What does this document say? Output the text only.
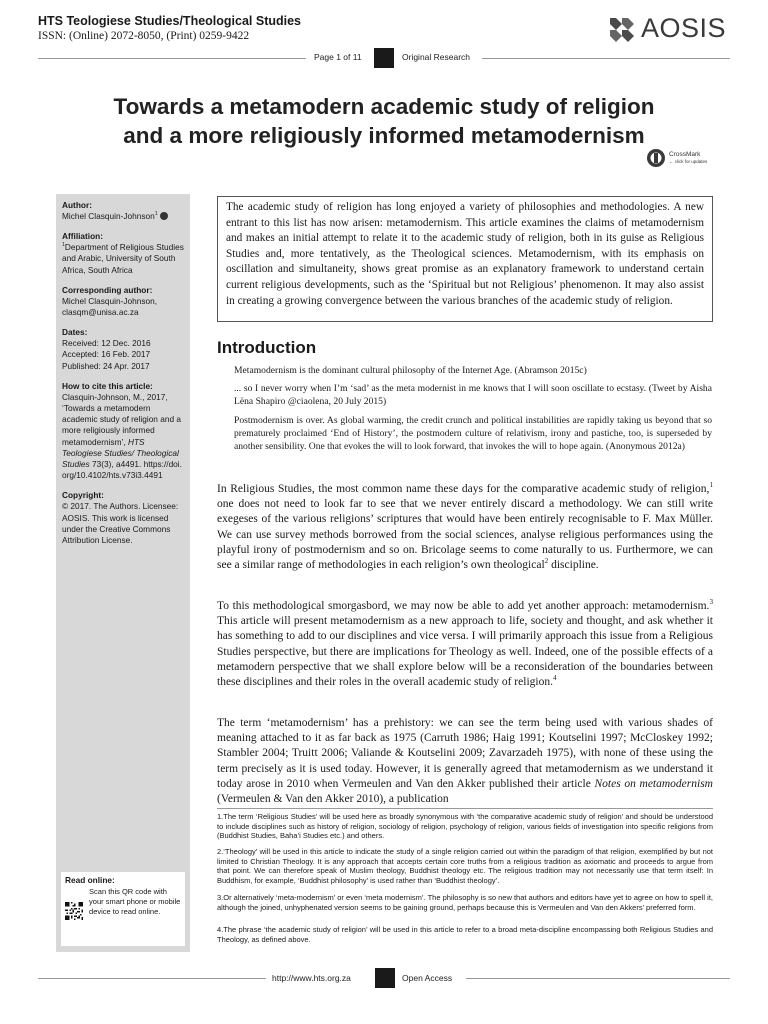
HTS Teologiese Studies/Theological Studies
ISSN: (Online) 2072-8050, (Print) 0259-9422	AOSIS
Page 1 of 11	Original Research
Towards a metamodern academic study of religion
and a more religiously informed metamodernism
CrossMark
← click for updates
Author:
Michel Clasquin-Johnson$^1$
Affiliation:
$^1$Department of Religious Studies and Arabic, University of South Africa, South Africa
Corresponding author:
Michel Clasquin-Johnson,
clasqm@unisa.ac.za
Dates:
Received: 12 Dec. 2016
Accepted: 16 Feb. 2017
Published: 24 Apr. 2017
How to cite this article:
Clasquin-Johnson, M., 2017, ‘Towards a metamodern academic study of religion and a more religiously informed metamodernism’, HTS Teologiese Studies/ Theological Studies 73(3), a4491. https://doi. org/10.4102/hts.v73i3.4491
Copyright:
© 2017. The Authors. Licensee: AOSIS. This work is licensed under the Creative Commons Attribution License.
Read online:
Scan this QR code with your smart phone or mobile device to read online.
The academic study of religion has long enjoyed a variety of philosophies and methodologies. A new entrant to this list has now arisen: metamodernism. This article examines the claims of metamodernism and makes an initial attempt to relate it to the academic study of religion, both in its guise as Religious Studies and, more tentatively, as the Theological sciences. Metamodernism, with its emphasis on oscillation and simultaneity, shows great promise as an explanatory framework to understand certain current religious developments, such as the ‘Spiritual but not Religious’ phenomenon. It may also assist in creating a growing convergence between the various branches of the academic study of religion.
Introduction
Metamodernism is the dominant cultural philosophy of the Internet Age. (Abramson 2015c)
... so I never worry when I’m ‘sad’ as the meta modernist in me knows that I will soon oscillate to ecstasy. (Tweet by Aisha Lëna Shapiro @ciaolena, 20 July 2015)
Postmodernism is over. As global warming, the credit crunch and political instabilities are rapidly taking us beyond that so prematurely proclaimed ‘End of History’, the postmodern culture of relativism, irony and pastiche, too, is superseded by another sensibility. One that evokes the will to look forward, that invokes the will to hope again. (Anonymous 2012a)
In Religious Studies, the most common name these days for the comparative academic study of religion,$^1$ one does not need to look far to see that we never entirely discard a methodology. We can still write exegeses of the various religions’ scriptures that would have been entirely recognisable to F. Max Müller. We can use survey methods borrowed from the social sciences, analyse religious performances using the playful irony of postmodernism and so on. Bricolage seems to come naturally to us. Furthermore, we can see a similar range of methodologies in each religion’s own theological$^2$ discipline.
To this methodological smorgasbord, we may now be able to add yet another approach: metamodernism.$^3$ This article will present metamodernism as a new approach to life, society and thought, and ask whether it has something to add to our disciplines and vice versa. I will primarily approach this issue from a Religious Studies perspective, but there are implications for Theology as well. Indeed, one of the possible effects of a metamodern perspective that we shall explore below will be a reconsideration of the boundaries between these disciplines and their roles in the overall academic study of religion.$^4$
The term ‘metamodernism’ has a prehistory: we can see the term being used with various shades of meaning attached to it as far back as 1975 (Carruth 1986; Haig 1991; Koutselini 1997; McCloskey 1992; Stambler 2004; Truitt 2006; Valiande & Koutselini 2009; Zavarzadeh 1975), with none of these using the term precisely as it is used today. However, it is generally agreed that metamodernism as we understand it today arose in 2010 when Vermeulen and Van den Akker published their article Notes on metamodernism (Vermeulen & Van den Akker 2010), a publication
1.The term ‘Religious Studies’ will be used here as broadly synonymous with ‘the comparative academic study of religion’ and should be understood to include disciplines such as history of religion, sociology of religion, psychology of religion, various fields of investigation into specific religions from (Buddhist Studies, Baha’i Studies etc.) and others.
2.‘Theology’ will be used in this article to indicate the study of a single religion carried out within the paradigm of that religion, exemplified by but not limited to Christian Theology. It is any approach that accepts certain core truths from a religious tradition as axiomatic and proceeds to argue from that point. We can therefore speak of Muslim theology, Buddhist theology etc. The religious tradition may not necessarily use that term itself: In Buddhism, for example, ‘Buddhist philosophy’ is used rather than ‘Buddhist theology’.
3.Or alternatively ‘meta-modernism’ or even ‘meta modernism’. The philosophy is so new that authors and editors have yet to agree on how to spell it, although the joined, unhyphenated version seems to be gaining ground, perhaps because this is Vermeulen and Van den Akkers’ preferred form.
4.The phrase ‘the academic study of religion’ will be used in this article to refer to a broad meta-discipline encompassing both Religious Studies and Theology, as defined above.
http://www.hts.org.za	Open Access
